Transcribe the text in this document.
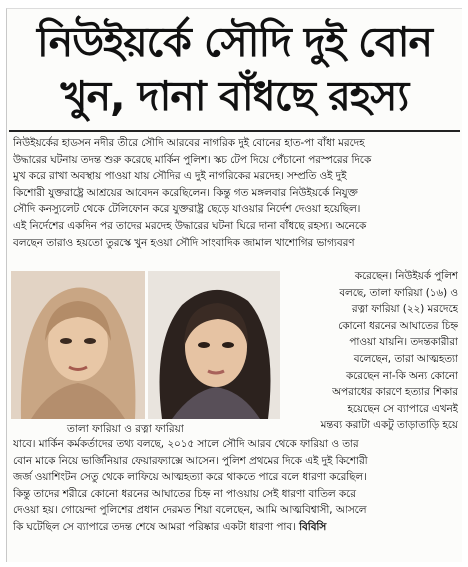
নিউইয়র্কে সৌদি দুই বোন
খুন, দানা বাঁধছে রহস্য
নিউইয়র্কের হাডসন নদীর তীরে সৌদি আরবের নাগরিক দুই বোনের হাত-পা বাঁধা মরদেহ
উদ্ধারের ঘটনায় তদন্ত শুরু করেছে মার্কিন পুলিশ। স্কচ টেপ দিয়ে পেঁচানো পরস্পরের দিকে
মুখ করে রাখা অবস্থায় পাওয়া যায় সৌদির এ দুই নাগরিকের মরদেহ। সম্প্রতি ওই দুই
কিশোরী যুক্তরাষ্ট্রে আশ্রয়ের আবেদন করেছিলেন। কিন্তু গত মঙ্গলবার নিউইয়র্কে নিযুক্ত
সৌদি কনস্যুলেট থেকে টেলিফোন করে যুক্তরাষ্ট্র ছেড়ে যাওয়ার নির্দেশ দেওয়া হয়েছিল।
এই নির্দেশের একদিন পর তাদের মরদেহ উদ্ধারের ঘটনা ঘিরে দানা বাঁধছে রহস্য। অনেকে
বলছেন তারাও হয়তো তুরস্কে খুন হওয়া সৌদি সাংবাদিক জামাল খাশোগির ভাগ্যবরণ
করেছেন। নিউইয়র্ক পুলিশ
বলছে, তালা ফারিয়া (১৬) ও
রত্না ফারিয়া (২২) মরদেহে
কোনো ধরনের আঘাতের চিহ্ন
পাওয়া যায়নি। তদন্তকারীরা
বলেছেন, তারা আত্মহত্যা
করেছেন না-কি অন্য কোনো
অপরাধের কারণে হত্যার শিকার
হয়েছেন সে ব্যাপারে এখনই
তালা ফারিয়া ও রত্না ফারিয়া	মন্তব্য করাটা একটু তাড়াতাড়ি হয়ে
যাবে। মার্কিন কর্মকর্তাদের তথ্য বলছে, ২০১৫ সালে সৌদি আরব থেকে ফারিয়া ও তার
বোন মাকে নিয়ে ভার্জিনিয়ার ফেয়ারফ্যাক্সে আসেন। পুলিশ প্রথমের দিকে এই দুই কিশোরী
জর্জ ওয়াশিংটন সেতু থেকে লাফিয়ে আত্মহত্যা করে থাকতে পারে বলে ধারণা করেছিল।
কিন্তু তাদের শরীরে কোনো ধরনের আঘাতের চিহ্ন না পাওয়ায় সেই ধারণা বাতিল করে
দেওয়া হয়। গোয়েন্দা পুলিশের প্রধান দেরমত শিয়া বলেছেন, আমি আত্মবিশ্বাসী, আসলে
কি ঘটেছিল সে ব্যাপারে তদন্ত শেষে আমরা পরিষ্কার একটা ধারণা পাব। বিবিসি
